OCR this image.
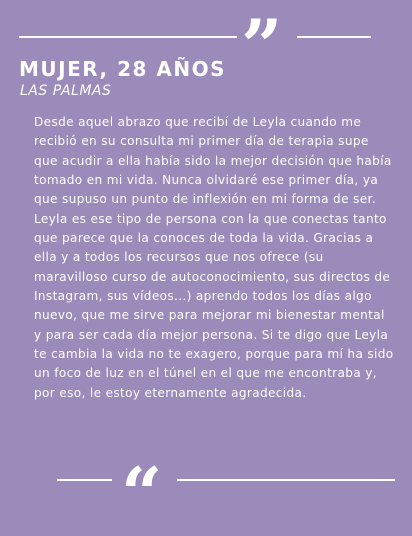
”
MUJER, 28 AÑOS

LAS PALMAS

Desde aquel abrazo que recibí de Leyla cuando me recibió en su consulta mi primer día de terapia supe que acudir a ella había sido la mejor decisión que había tomado en mi vida. Nunca olvidaré ese primer día, ya que supuso un punto de inflexión en mi forma de ser. Leyla es ese tipo de persona con la que conectas tanto que parece que la conoces de toda la vida. Gracias a ella y a todos los recursos que nos ofrece (su maravilloso curso de autoconocimiento, sus directos de Instagram, sus vídeos...) aprendo todos los días algo nuevo, que me sirve para mejorar mi bienestar mental y para ser cada día mejor persona. Si te digo que Leyla te cambia la vida no te exagero, porque para mí ha sido un foco de luz en el túnel en el que me encontraba y, por eso, le estoy eternamente agradecida.

“
